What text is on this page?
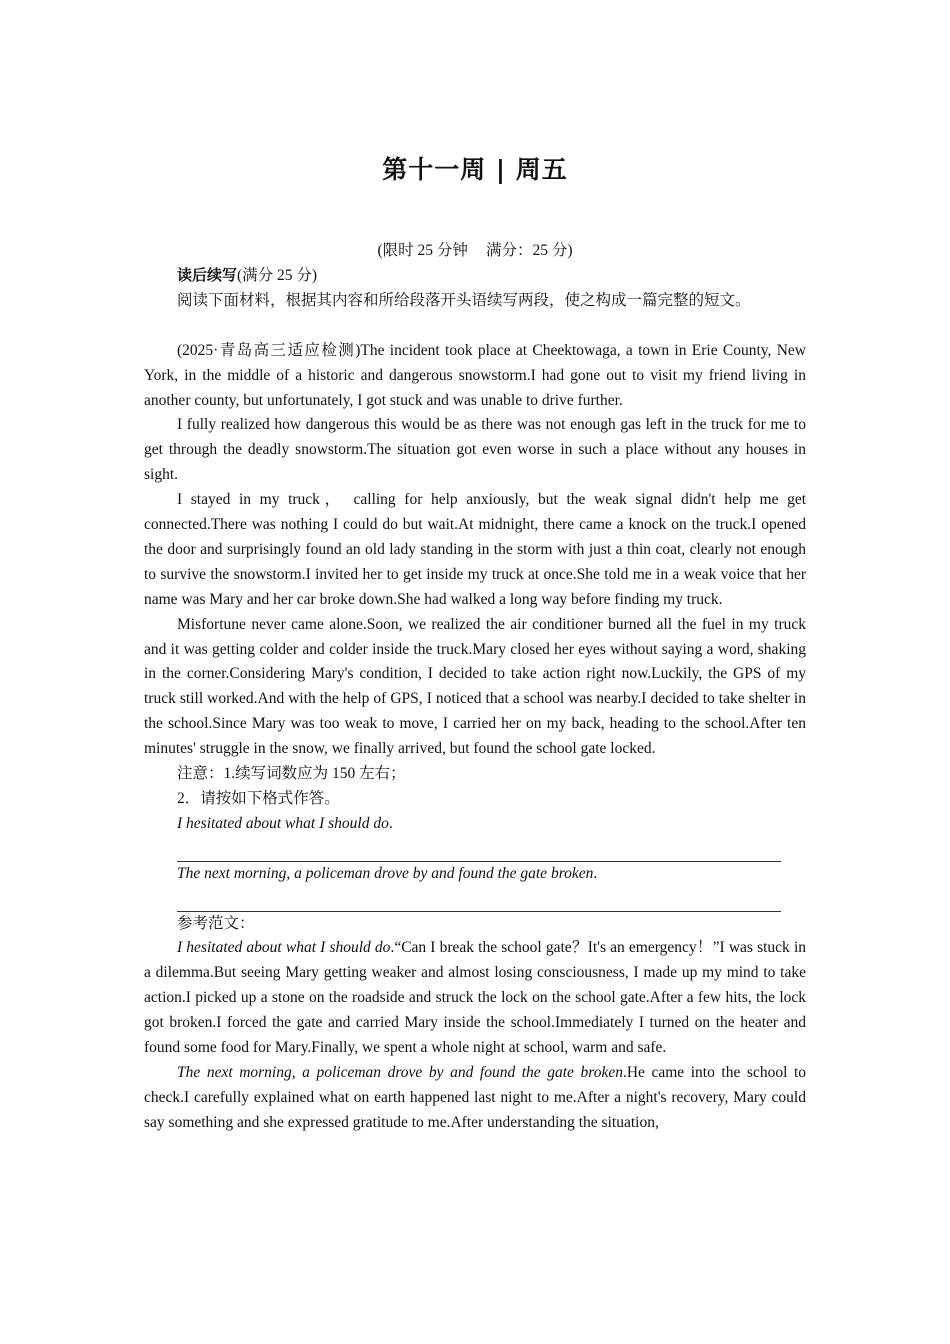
第十一周 | 周五
(限时 25 分钟 满分：25 分)

读后续写(满分 25 分)

阅读下面材料，根据其内容和所给段落开头语续写两段，使之构成一篇完整的短文。

(2025·青岛高三适应检测)The incident took place at Cheektowaga, a town in Erie County, New York, in the middle of a historic and dangerous snowstorm.I had gone out to visit my friend living in another county, but unfortunately, I got stuck and was unable to drive further.

I fully realized how dangerous this would be as there was not enough gas left in the truck for me to get through the deadly snowstorm.The situation got even worse in such a place without any houses in sight.

I stayed in my truck， calling for help anxiously, but the weak signal didn't help me get connected.There was nothing I could do but wait.At midnight, there came a knock on the truck.I opened the door and surprisingly found an old lady standing in the storm with just a thin coat, clearly not enough to survive the snowstorm.I invited her to get inside my truck at once.She told me in a weak voice that her name was Mary and her car broke down.She had walked a long way before finding my truck.

Misfortune never came alone.Soon, we realized the air conditioner burned all the fuel in my truck and it was getting colder and colder inside the truck.Mary closed her eyes without saying a word, shaking in the corner.Considering Mary's condition, I decided to take action right now.Luckily, the GPS of my truck still worked.And with the help of GPS, I noticed that a school was nearby.I decided to take shelter in the school.Since Mary was too weak to move, I carried her on my back, heading to the school.After ten minutes' struggle in the snow, we finally arrived, but found the school gate locked.

注意：1.续写词数应为 150 左右；

2．请按如下格式作答。

I hesitated about what I should do.

The next morning, a policeman drove by and found the gate broken.

参考范文：

I hesitated about what I should do.“Can I break the school gate？It's an emergency！”I was stuck in a dilemma.But seeing Mary getting weaker and almost losing consciousness, I made up my mind to take action.I picked up a stone on the roadside and struck the lock on the school gate.After a few hits, the lock got broken.I forced the gate and carried Mary inside the school.Immediately I turned on the heater and found some food for Mary.Finally, we spent a whole night at school, warm and safe.

The next morning, a policeman drove by and found the gate broken.He came into the school to check.I carefully explained what on earth happened last night to me.After a night's recovery, Mary could say something and she expressed gratitude to me.After understanding the situation,
